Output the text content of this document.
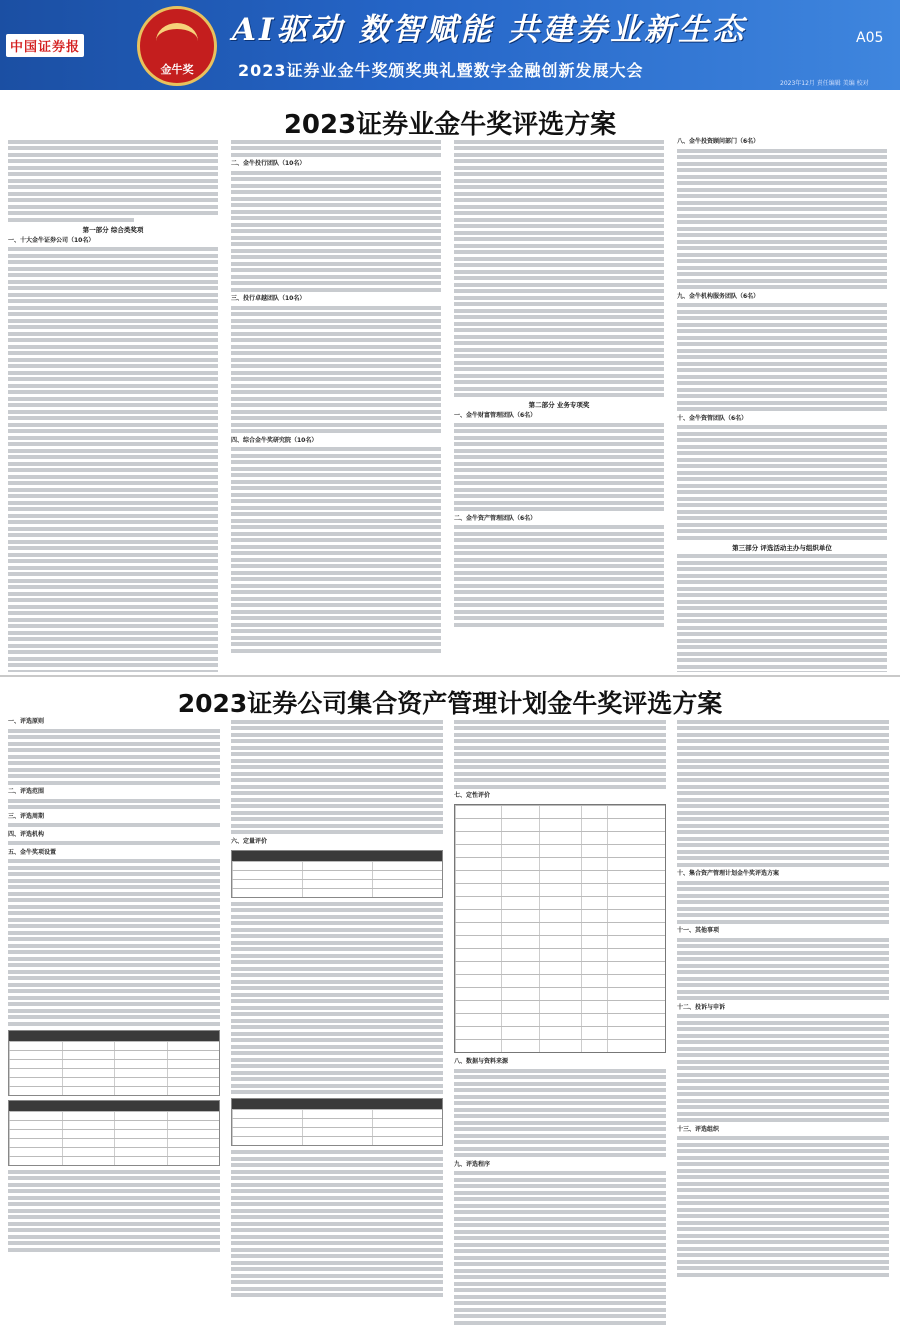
中国证券报
金牛奖
AI驱动 数智赋能 共建券业新生态
2023证券业金牛奖颁奖典礼暨数字金融创新发展大会
A05
2023年12月 責任编辑 美编 校对
2023证券业金牛奖评选方案
第一部分 综合类奖项
一、十大金牛证券公司（10名）
二、金牛投行团队（10名）
三、投行卓越团队（10名）
四、综合金牛奖研究院（10名）
第二部分 业务专项奖
一、金牛财富管理团队（6名）
二、金牛资产管理团队（6名）
八、金牛投资顾问部门（6名）
九、金牛机构服务团队（6名）
十、金牛资管团队（6名）
第三部分 评选活动主办与组织单位
2023证券公司集合资产管理计划金牛奖评选方案
一、评选原则
二、评选范围
三、评选周期
四、评选机构
五、金牛奖项设置
六、定量评价
七、定性评价
八、数据与资料来源
九、评选程序
十、集合资产管理计划金牛奖评选方案
十一、其他事项
十二、投诉与申诉
十三、评选组织
